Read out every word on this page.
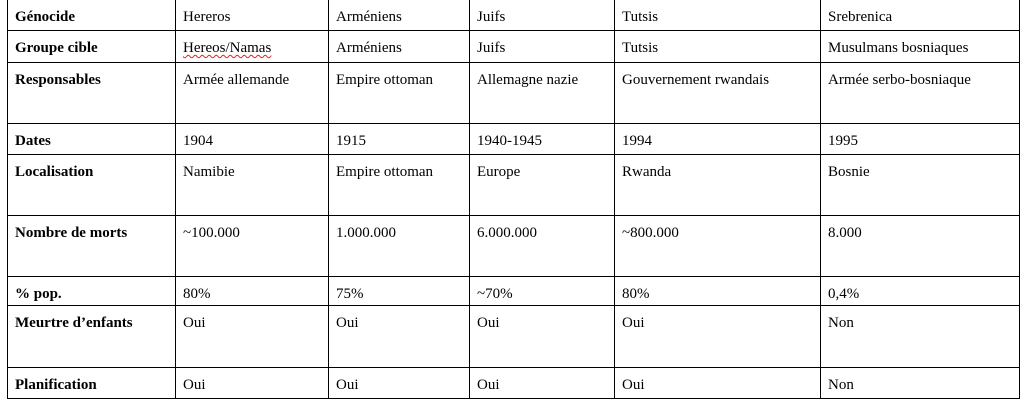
Génocide	Hereros	Arméniens	Juifs	Tutsis	Srebrenica
Groupe cible	Hereos/Namas	Arméniens	Juifs	Tutsis	Musulmans bosniaques
Responsables	Armée allemande	Empire ottoman	Allemagne nazie	Gouvernement rwandais	Armée serbo-bosniaque
Dates	1904	1915	1940-1945	1994	1995
Localisation	Namibie	Empire ottoman	Europe	Rwanda	Bosnie
Nombre de morts	~100.000	1.000.000	6.000.000	~800.000	8.000
% pop.	80%	75%	~70%	80%	0,4%
Meurtre d’enfants	Oui	Oui	Oui	Oui	Non
Planification	Oui	Oui	Oui	Oui	Non
